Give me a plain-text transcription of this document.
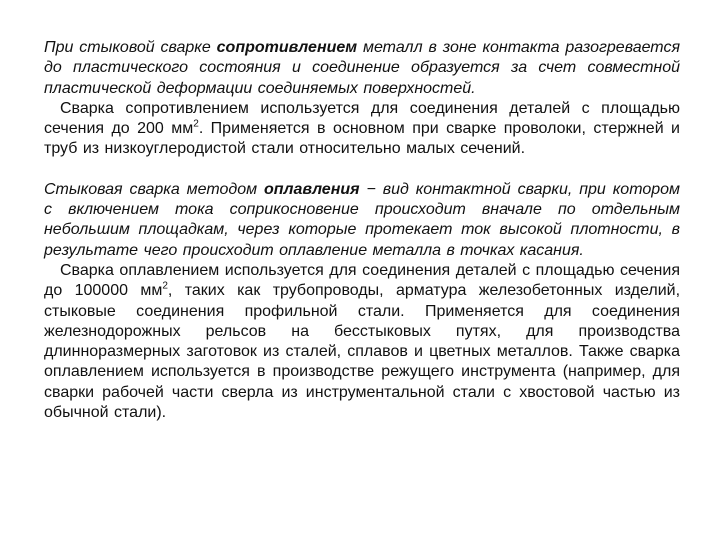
При стыковой сварке сопротивлением металл в зоне контакта разогревается до пластического состояния и соединение образуется за счет совместной пластической деформации соединяемых поверхностей.

Сварка сопротивлением используется для соединения деталей с площадью сечения до 200 $мм^2$. Применяется в основном при сварке проволоки, стержней и труб из низкоуглеродистой стали относительно малых сечений.

Стыковая сварка методом оплавления − вид контактной сварки, при котором с включением тока соприкосновение происходит вначале по отдельным небольшим площадкам, через которые протекает ток высокой плотности, в результате чего происходит оплавление металла в точках касания.

Сварка оплавлением используется для соединения деталей с площадью сечения до 100000 $мм^2$, таких как трубопроводы, арматура железобетонных изделий, стыковые соединения профильной стали. Применяется для соединения железнодорожных рельсов на бесстыковых путях, для производства длинноразмерных заготовок из сталей, сплавов и цветных металлов. Также сварка оплавлением используется в производстве режущего инструмента (например, для сварки рабочей части сверла из инструментальной стали с хвостовой частью из обычной стали).
